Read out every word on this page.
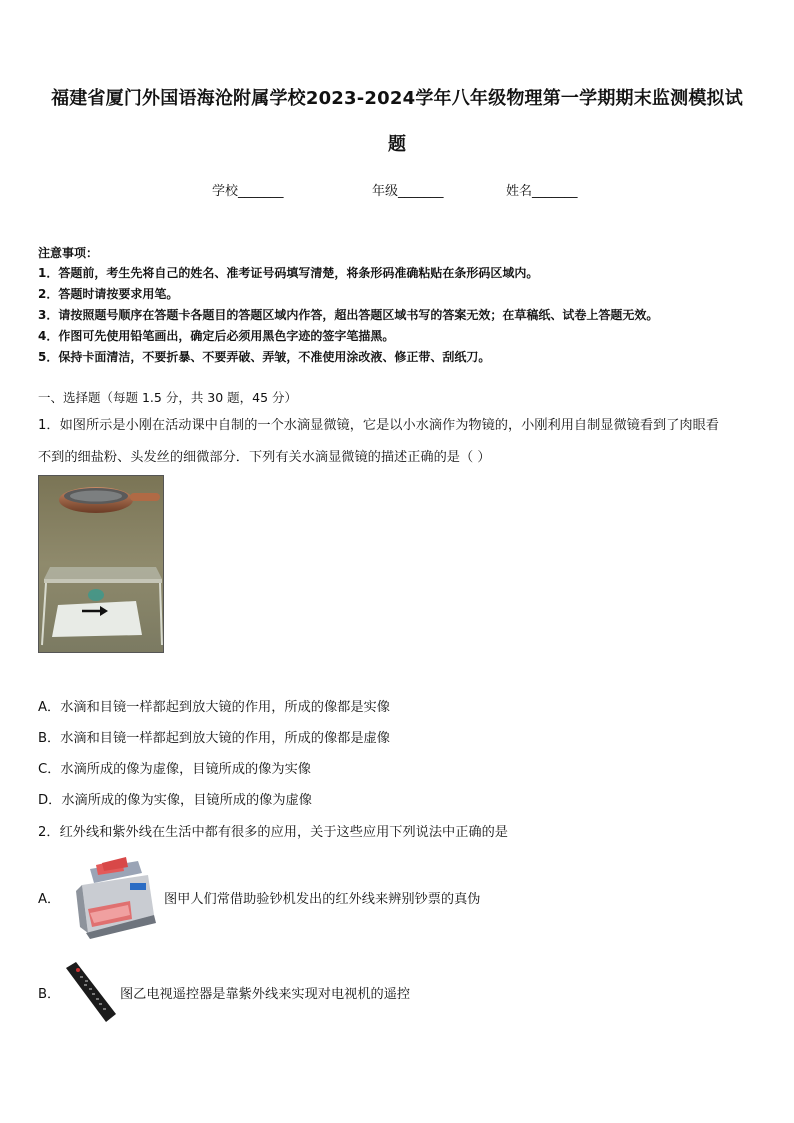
福建省厦门外国语海沧附属学校2023-2024学年八年级物理第一学期期末监测模拟试
题
学校_______	年级_______	姓名_______
注意事项：
1．答题前，考生先将自己的姓名、准考证号码填写清楚，将条形码准确粘贴在条形码区域内。
2．答题时请按要求用笔。
3．请按照题号顺序在答题卡各题目的答题区域内作答，超出答题区域书写的答案无效；在草稿纸、试卷上答题无效。
4．作图可先使用铅笔画出，确定后必须用黑色字迹的签字笔描黑。
5．保持卡面清洁，不要折暴、不要弄破、弄皱，不准使用涂改液、修正带、刮纸刀。
一、选择题（每题 1.5 分，共 30 题，45 分）
1．如图所示是小刚在活动课中自制的一个水滴显微镜，它是以小水滴作为物镜的，小刚利用自制显微镜看到了肉眼看
不到的细盐粉、头发丝的细微部分．下列有关水滴显微镜的描述正确的是（ ）
A．水滴和目镜一样都起到放大镜的作用，所成的像都是实像
B．水滴和目镜一样都起到放大镜的作用，所成的像都是虚像
C．水滴所成的像为虚像，目镜所成的像为实像
D．水滴所成的像为实像，目镜所成的像为虚像
2．红外线和紫外线在生活中都有很多的应用，关于这些应用下列说法中正确的是
A．	图甲人们常借助验钞机发出的红外线来辨别钞票的真伪
B．	图乙电视遥控器是靠紫外线来实现对电视机的遥控
